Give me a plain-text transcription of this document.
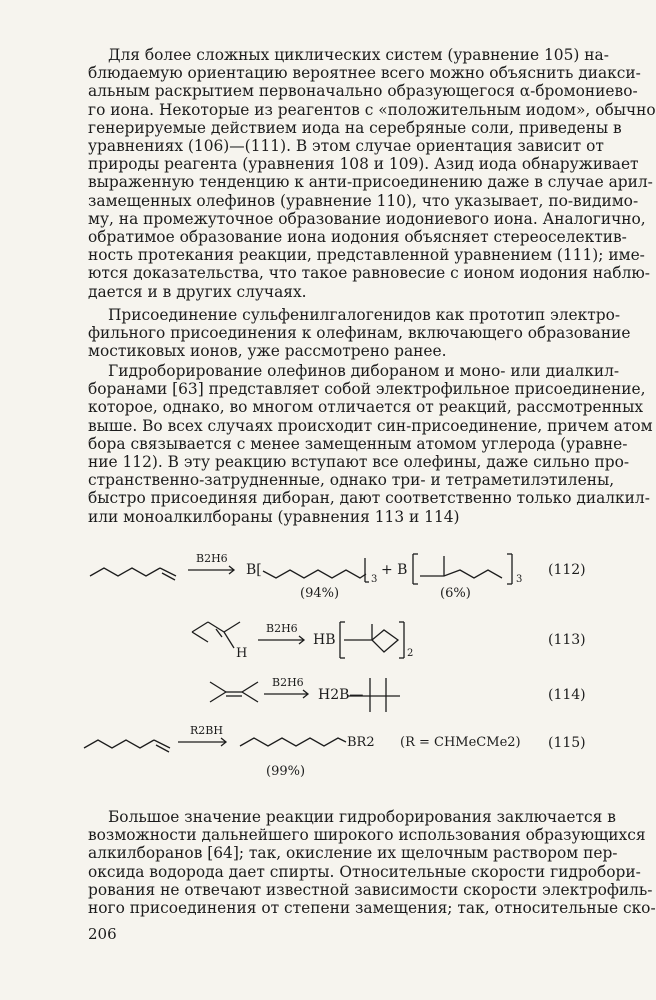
Для более сложных циклических систем (уравнение 105) на-
блюдаемую ориентацию вероятнее всего можно объяснить диакси-
альным раскрытием первоначально образующегося α-бромониево-
го иона. Некоторые из реагентов с «положительным иодом», обычно
генерируемые действием иода на серебряные соли, приведены в
уравнениях (106)—(111). В этом случае ориентация зависит от
природы реагента (уравнения 108 и 109). Азид иода обнаруживает
выраженную тенденцию к анти-присоединению даже в случае арил-
замещенных олефинов (уравнение 110), что указывает, по-видимо-
му, на промежуточное образование иодониевого иона. Аналогично,
обратимое образование иона иодония объясняет стереоселектив-
ность протекания реакции, представленной уравнением (111); име-
ются доказательства, что такое равновесие с ионом иодония наблю-
дается и в других случаях.
Присоединение сульфенилгалогенидов как прототип электро-
фильного присоединения к олефинам, включающего образование
мостиковых ионов, уже рассмотрено ранее.
Гидроборирование олефинов дибораном и моно- или диалкил-
боранами [63] представляет собой электрофильное присоединение,
которое, однако, во многом отличается от реакций, рассмотренных
выше. Во всех случаях происходит син-присоединение, причем атом
бора связывается с менее замещенным атомом углерода (уравне-
ние 112). В эту реакцию вступают все олефины, даже сильно про-
странственно-затрудненные, однако три- и тетраметилэтилены,
быстро присоединяя диборан, дают соответственно только диалкил-
или моноалкилбораны (уравнения 113 и 114)
B2H6
B[
3
+ B
3
(94%)	(6%)
(112)
H
B2H6
HB
2
(113)
B2H6
H2B—	(114)
R2BH
BR2 (R = CHMeCMe2)
(99%)
(115)
Большое значение реакции гидроборирования заключается в
возможности дальнейшего широкого использования образующихся
алкилборанов [64]; так, окисление их щелочным раствором пер-
оксида водорода дает спирты. Относительные скорости гидробори-
рования не отвечают известной зависимости скорости электрофиль-
ного присоединения от степени замещения; так, относительные ско-
206
